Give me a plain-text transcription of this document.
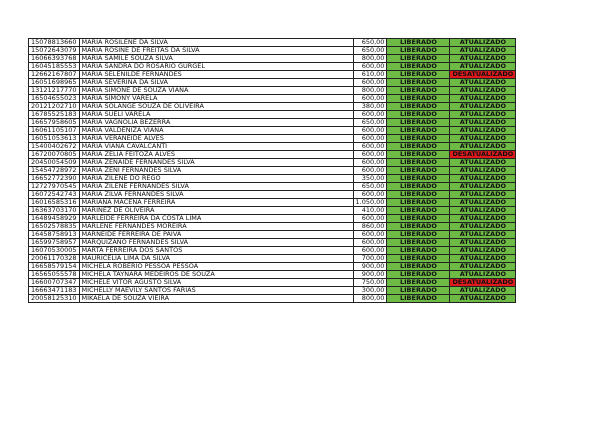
15078813660	MARIA ROSILENE DA SILVA	650,00	LIBERADO	ATUALIZADO
15072643079	MARIA ROSINE DE FREITAS DA SILVA	650,00	LIBERADO	ATUALIZADO
16066393768	MARIA SAMILE SOUZA SILVA	800,00	LIBERADO	ATUALIZADO
16045185553	MARIA SANDRA DO ROSARIO GURGEL	600,00	LIBERADO	ATUALIZADO
12662167807	MARIA SELENILDE FERNANDES	610,00	LIBERADO	DESATUALIZADO
16051698965	MARIA SEVERINA DA SILVA	600,00	LIBERADO	ATUALIZADO
13121217770	MARIA SIMONE DE SOUZA VIANA	800,00	LIBERADO	ATUALIZADO
16504655023	MARIA SIMONY VARELA	600,00	LIBERADO	ATUALIZADO
20121202710	MARIA SOLANGE SOUZA DE OLIVEIRA	380,00	LIBERADO	ATUALIZADO
16785525183	MARIA SUELI VARELA	600,00	LIBERADO	ATUALIZADO
16657958605	MARIA VAGNOLIA BEZERRA	650,00	LIBERADO	ATUALIZADO
16061105107	MARIA VALDENIZA VIANA	600,00	LIBERADO	ATUALIZADO
16051053613	MARIA VERANEIDE ALVES	600,00	LIBERADO	ATUALIZADO
15400402672	MARIA VIANA CAVALCANTI	600,00	LIBERADO	ATUALIZADO
16720070805	MARIA ZELIA FEITOZA ALVES	600,00	LIBERADO	DESATUALIZADO
20450054509	MARIA ZENAIDE FERNANDES SILVA	600,00	LIBERADO	ATUALIZADO
15454728972	MARIA ZENI FERNANDES SILVA	600,00	LIBERADO	ATUALIZADO
16652772390	MARIA ZILENE DO REGO	350,00	LIBERADO	ATUALIZADO
12727970545	MARIA ZILENE FERNANDES SILVA	650,00	LIBERADO	ATUALIZADO
16072542743	MARIA ZILVA FERNANDES SILVA	600,00	LIBERADO	ATUALIZADO
16016585316	MARIANA MACENA FERREIRA	1.050,00	LIBERADO	ATUALIZADO
16363703170	MARINEZ DE OLIVEIRA	410,00	LIBERADO	ATUALIZADO
16489458929	MARLEIDE FERREIRA DA COSTA LIMA	600,00	LIBERADO	ATUALIZADO
16502578835	MARLENE FERNANDES MOREIRA	860,00	LIBERADO	ATUALIZADO
16458758913	MARNEIDE FERREIRA DE PAIVA	600,00	LIBERADO	ATUALIZADO
16599758957	MARQUIZANO FERNANDES SILVA	600,00	LIBERADO	ATUALIZADO
16070530005	MARTA FERREIRA DOS SANTOS	600,00	LIBERADO	ATUALIZADO
20061170328	MAURICELIA LIMA DA SILVA	700,00	LIBERADO	ATUALIZADO
16658579154	MICHELA ROBERIO PESSOA PESSOA	900,00	LIBERADO	ATUALIZADO
16565055578	MICHELA TAYNARA MEDEIROS DE SOUZA	900,00	LIBERADO	ATUALIZADO
16600707347	MICHELE VITOR AGUSTO SILVA	750,00	LIBERADO	DESATUALIZADO
16663471183	MICHELLY MAEVILY SANTOS FARIAS	300,00	LIBERADO	ATUALIZADO
20058125310	MIKAELA DE SOUZA VIEIRA	800,00	LIBERADO	ATUALIZADO
